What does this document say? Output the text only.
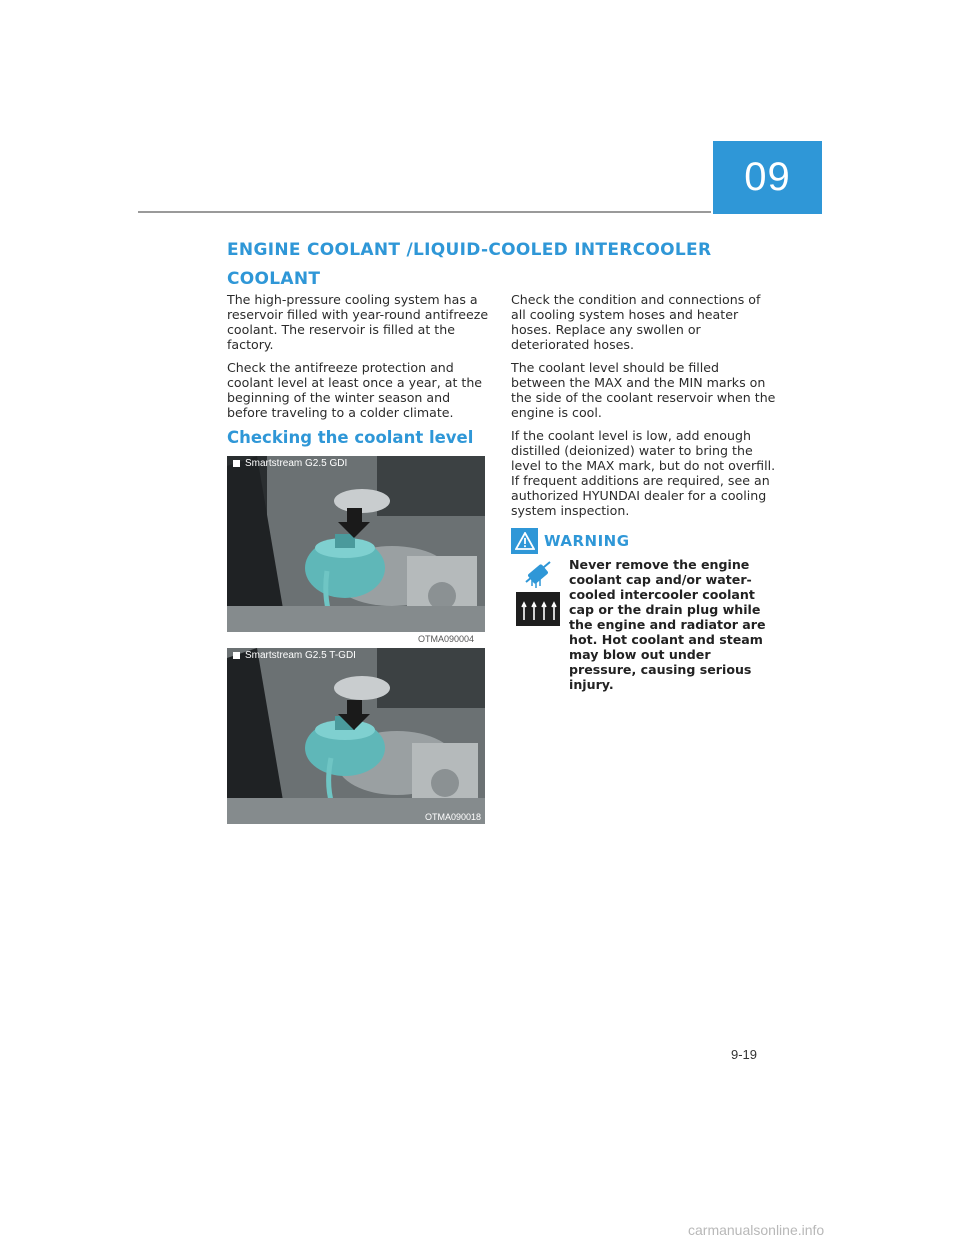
09
ENGINE COOLANT /LIQUID-COOLED INTERCOOLER COOLANT

The high-pressure cooling system has a reservoir filled with year-round antifreeze coolant. The reservoir is filled at the factory.

Check the antifreeze protection and coolant level at least once a year, at the beginning of the winter season and before traveling to a colder climate.

Checking the coolant level
Smartstream G2.5 GDI
OTMA090004
Smartstream G2.5 T-GDI
OTMA090018

Check the condition and connections of all cooling system hoses and heater hoses. Replace any swollen or deteriorated hoses.

The coolant level should be filled between the MAX and the MIN marks on the side of the coolant reservoir when the engine is cool.

If the coolant level is low, add enough distilled (deionized) water to bring the level to the MAX mark, but do not overfill. If frequent additions are required, see an authorized HYUNDAI dealer for a cooling system inspection.

WARNING
Never remove the engine coolant cap and/or water-cooled intercooler coolant cap or the drain plug while the engine and radiator are hot. Hot coolant and steam may blow out under pressure, causing serious injury.
9-19
carmanualsonline.info
